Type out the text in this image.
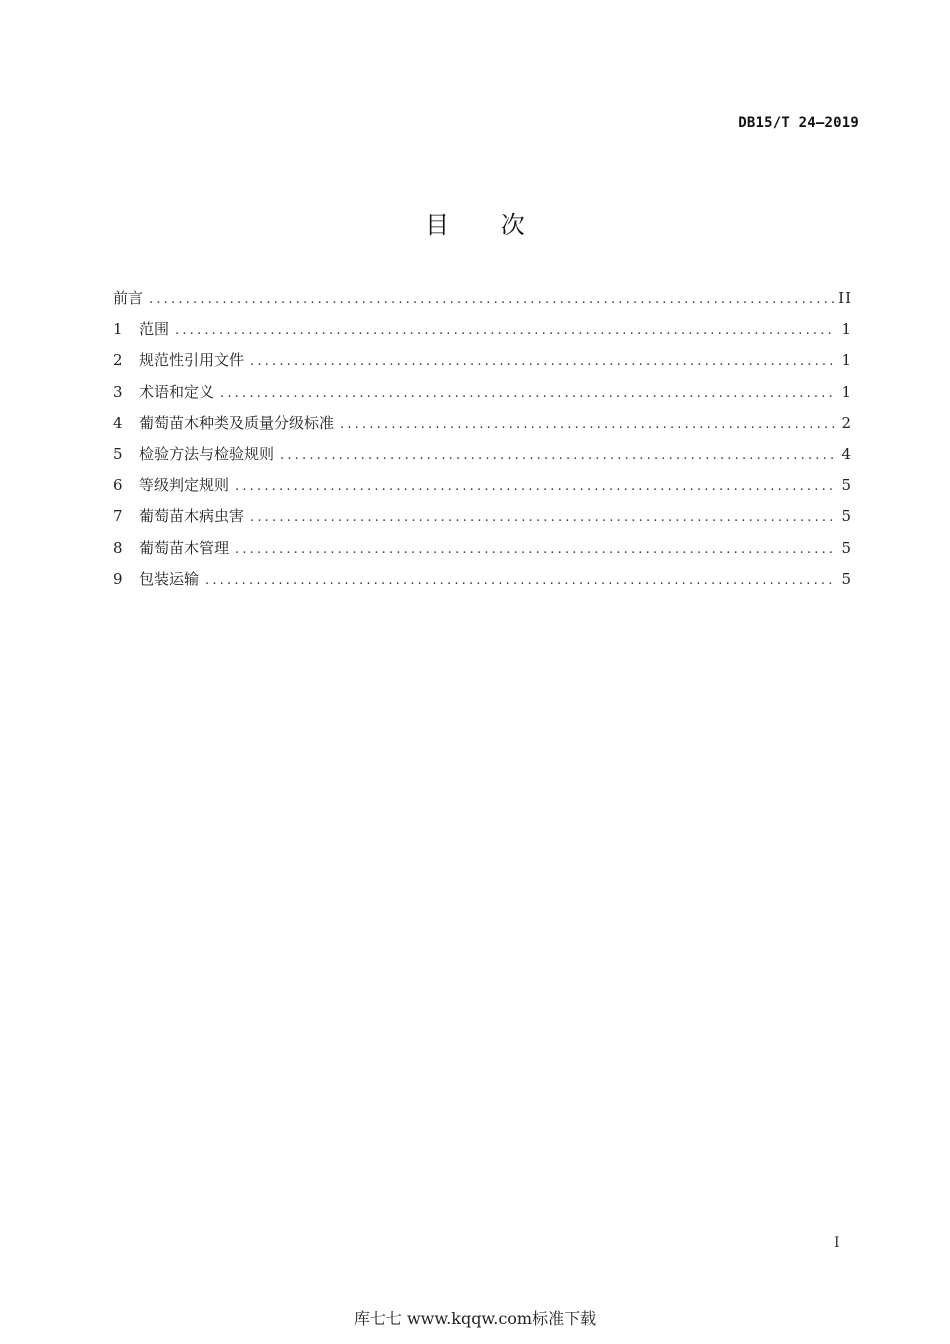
DB15/T 24—2019
目 次
前言 .....	II
1	范围 .....	1
2	规范性引用文件 .....	1
3	术语和定义 .....	1
4	葡萄苗木种类及质量分级标准 .....	2
5	检验方法与检验规则 .....	4
6	等级判定规则 .....	5
7	葡萄苗木病虫害 .....	5
8	葡萄苗木管理 .....	5
9	包装运输 .....	5
I
库七七 www.kqqw.com标准下载
